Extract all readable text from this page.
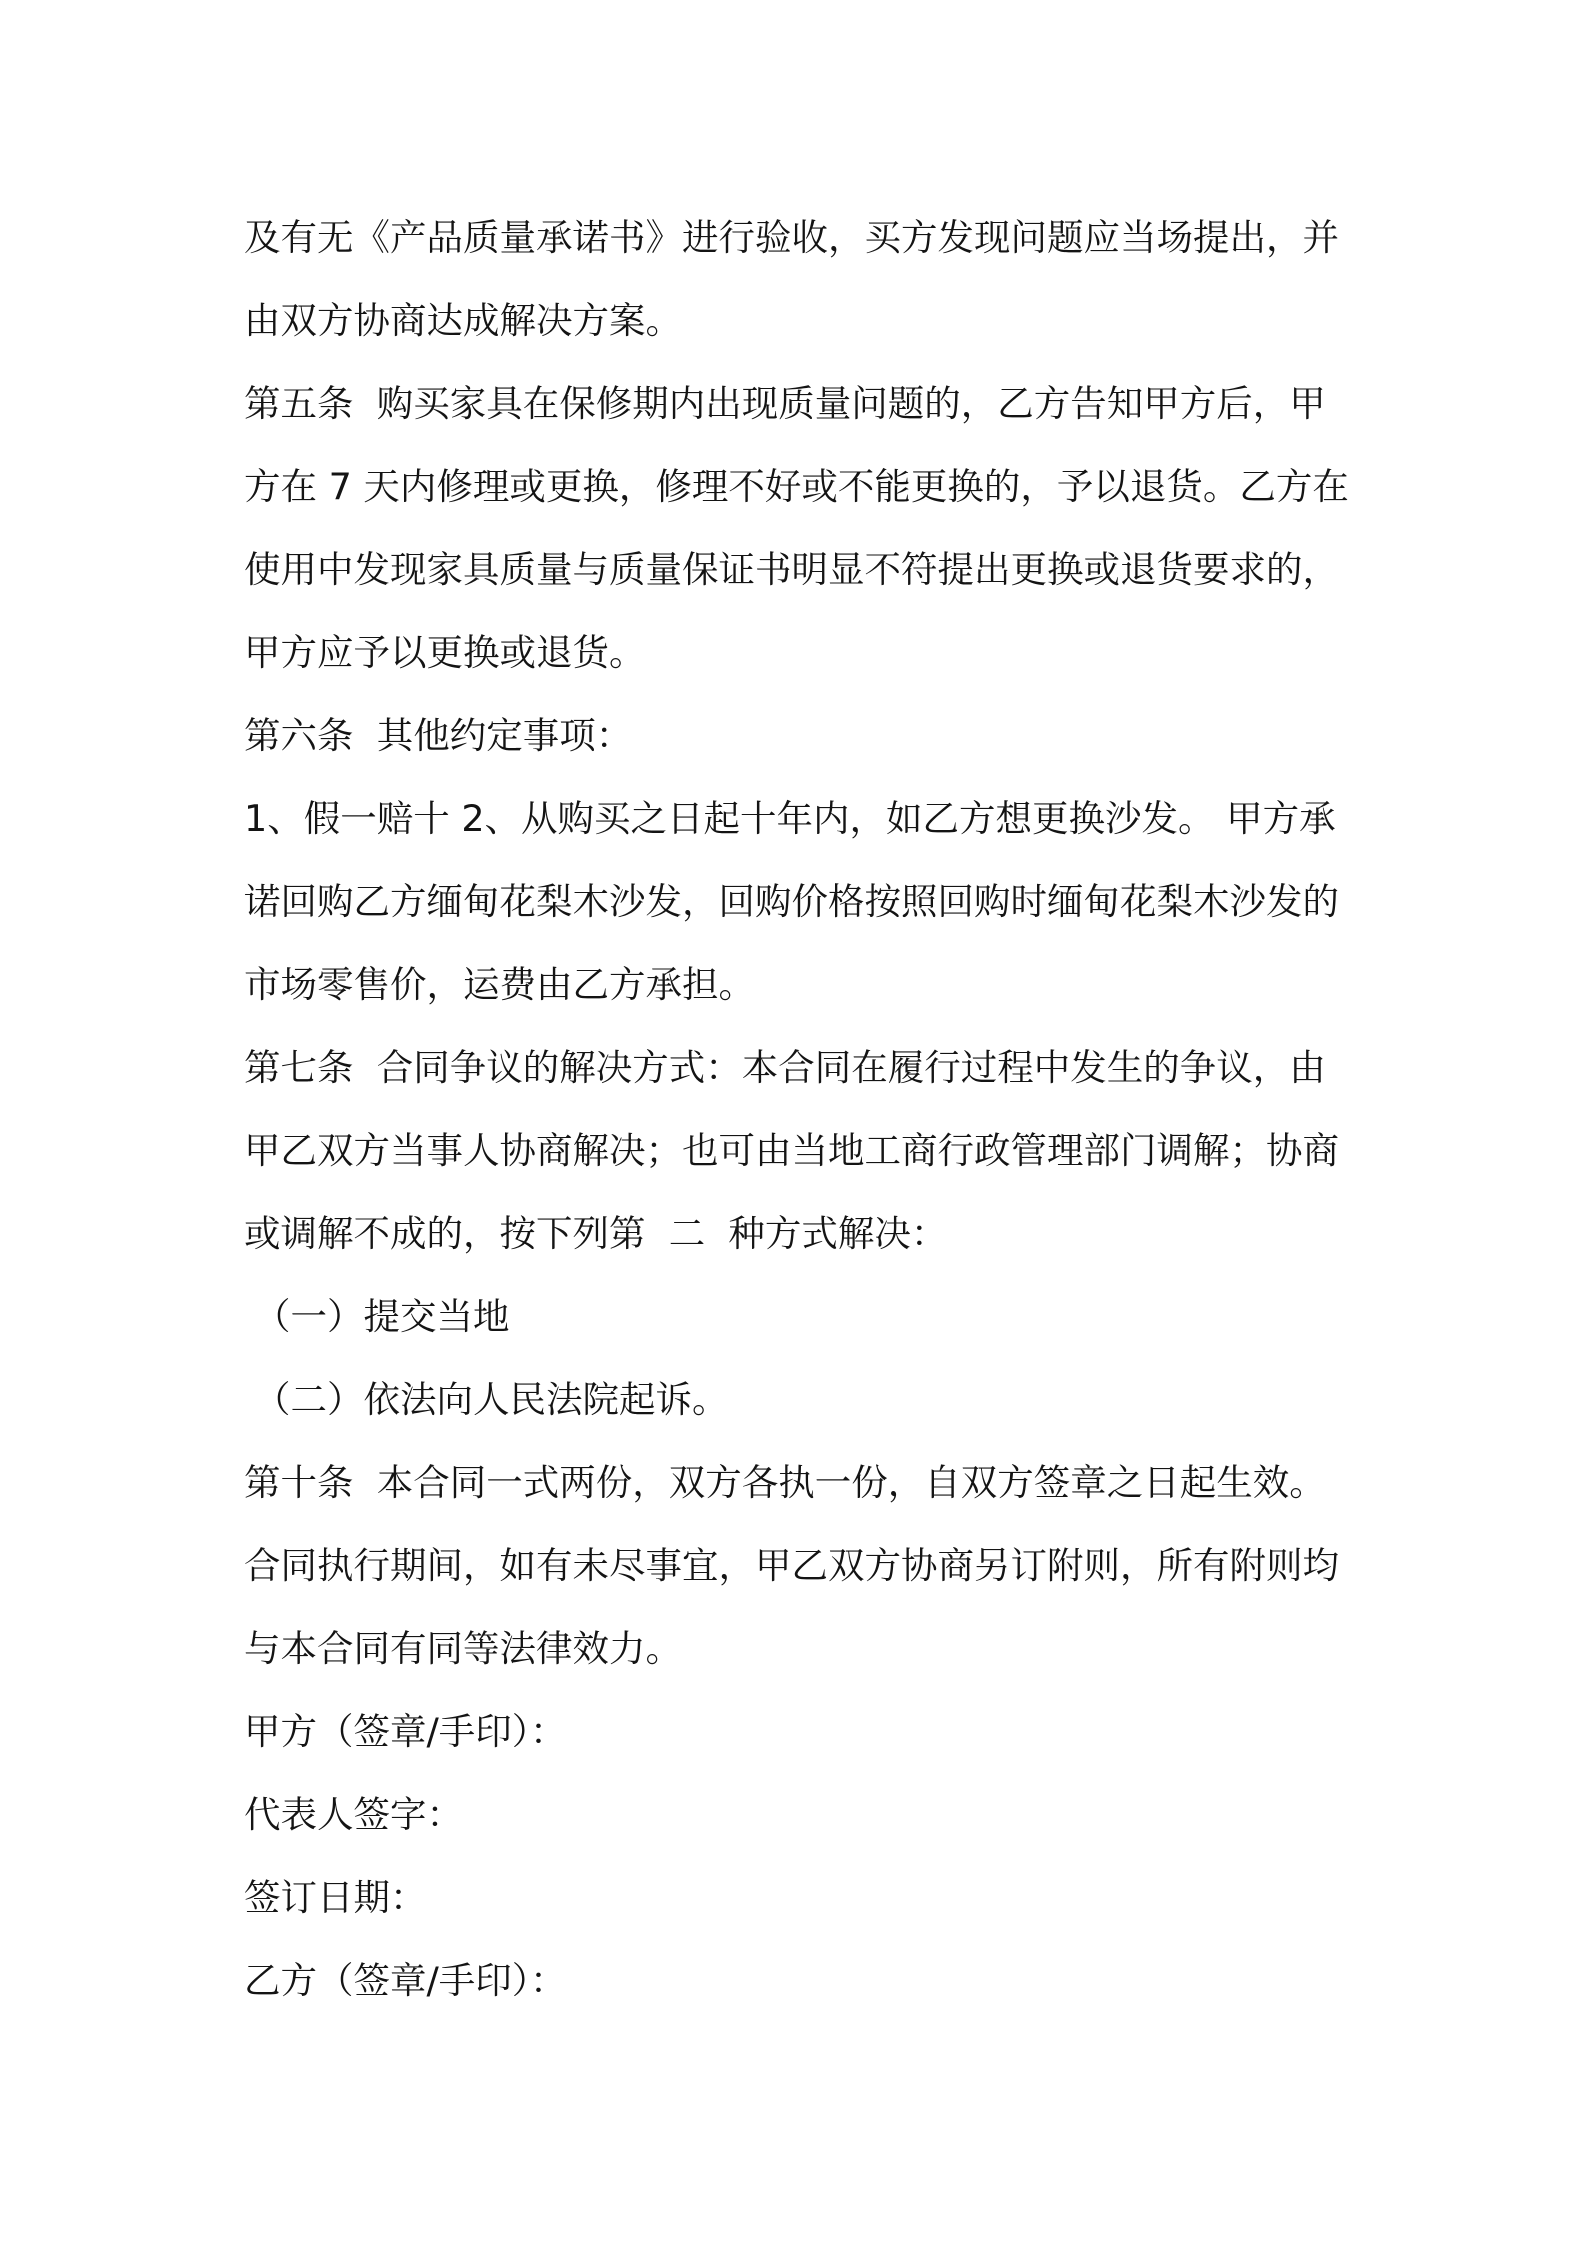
及有无《产品质量承诺书》进行验收，买方发现问题应当场提出，并
由双方协商达成解决方案。
第五条  购买家具在保修期内出现质量问题的，乙方告知甲方后，甲
方在 7 天内修理或更换，修理不好或不能更换的，予以退货。乙方在
使用中发现家具质量与质量保证书明显不符提出更换或退货要求的，
甲方应予以更换或退货。
第六条  其他约定事项：
1、假一赔十 2、从购买之日起十年内，如乙方想更换沙发。 甲方承
诺回购乙方缅甸花梨木沙发，回购价格按照回购时缅甸花梨木沙发的
市场零售价，运费由乙方承担。
第七条  合同争议的解决方式：本合同在履行过程中发生的争议，由
甲乙双方当事人协商解决；也可由当地工商行政管理部门调解；协商
或调解不成的，按下列第  二  种方式解决：
（一）提交当地
（二）依法向人民法院起诉。
第十条  本合同一式两份，双方各执一份，自双方签章之日起生效。
合同执行期间，如有未尽事宜，甲乙双方协商另订附则，所有附则均
与本合同有同等法律效力。
甲方（签章/手印）：
代表人签字：
签订日期：
乙方（签章/手印）：
